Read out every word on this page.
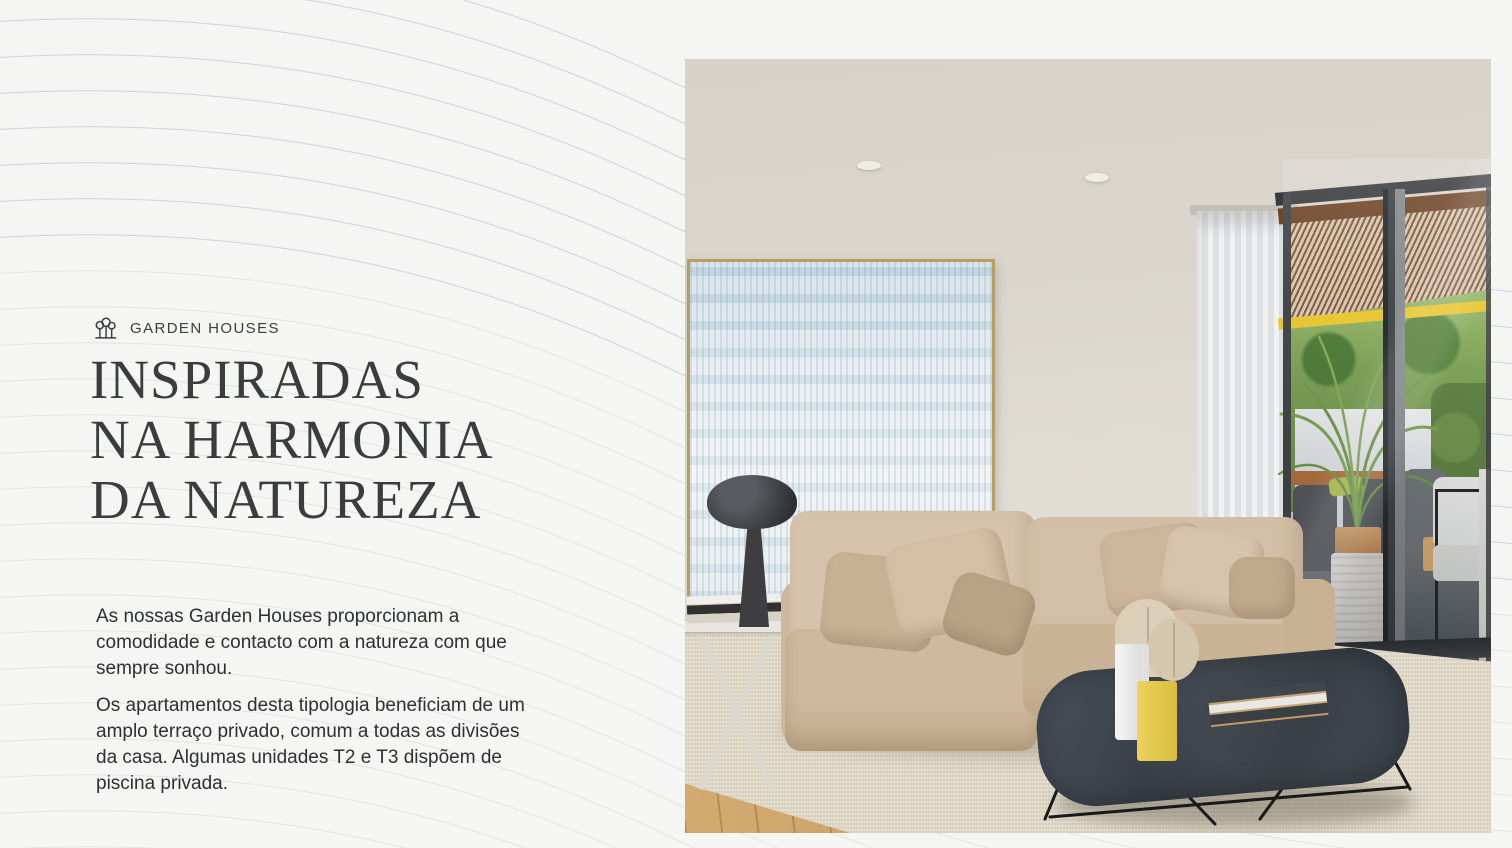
GARDEN HOUSES
INSPIRADAS
NA HARMONIA
DA NATUREZA

As nossas Garden Houses proporcionam a comodidade e contacto com a natureza com que sempre sonhou.

Os apartamentos desta tipologia beneficiam de um amplo terraço privado, comum a todas as divisões da casa. Algumas unidades T2 e T3 dispõem de piscina privada.
